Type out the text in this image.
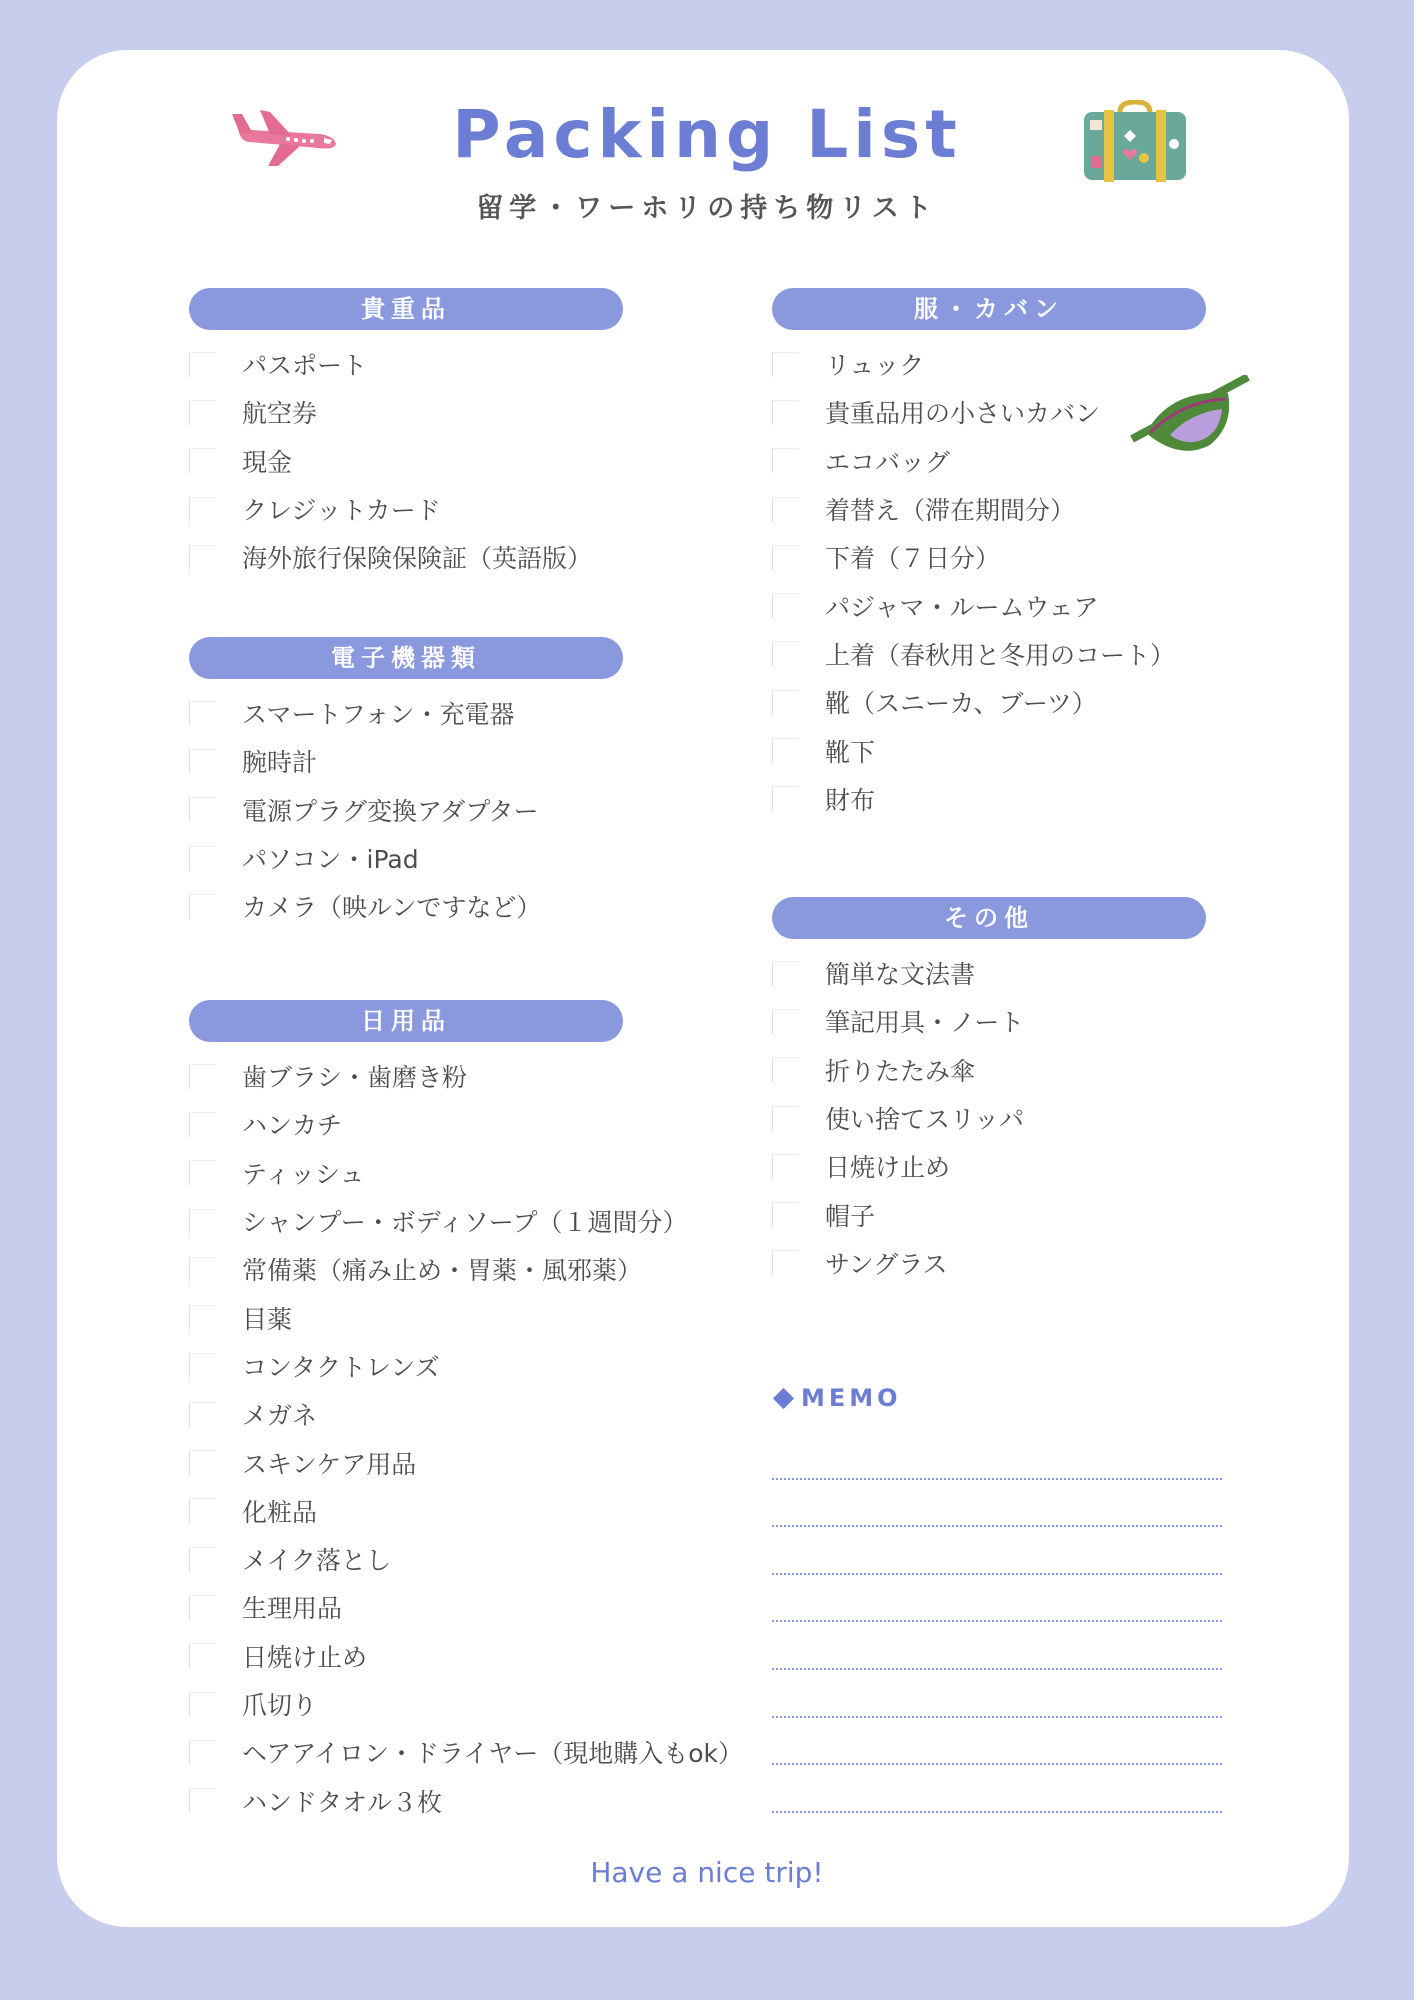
Packing List
留学・ワーホリの持ち物リスト
貴重品
パスポート
航空券
現金
クレジットカード
海外旅行保険保険証（英語版）
電子機器類
スマートフォン・充電器
腕時計
電源プラグ変換アダプター
パソコン・iPad
カメラ（映ルンですなど）
日用品
歯ブラシ・歯磨き粉
ハンカチ
ティッシュ
シャンプー・ボディソープ（１週間分）
常備薬（痛み止め・胃薬・風邪薬）
目薬
コンタクトレンズ
メガネ
スキンケア用品
化粧品
メイク落とし
生理用品
日焼け止め
爪切り
ヘアアイロン・ドライヤー（現地購入もok）
ハンドタオル３枚
服・カバン
リュック
貴重品用の小さいカバン
エコバッグ
着替え（滞在期間分）
下着（７日分）
パジャマ・ルームウェア
上着（春秋用と冬用のコート）
靴（スニーカ、ブーツ）
靴下
財布
その他
簡単な文法書
筆記用具・ノート
折りたたみ傘
使い捨てスリッパ
日焼け止め
帽子
サングラス
MEMO
Have a nice trip!
